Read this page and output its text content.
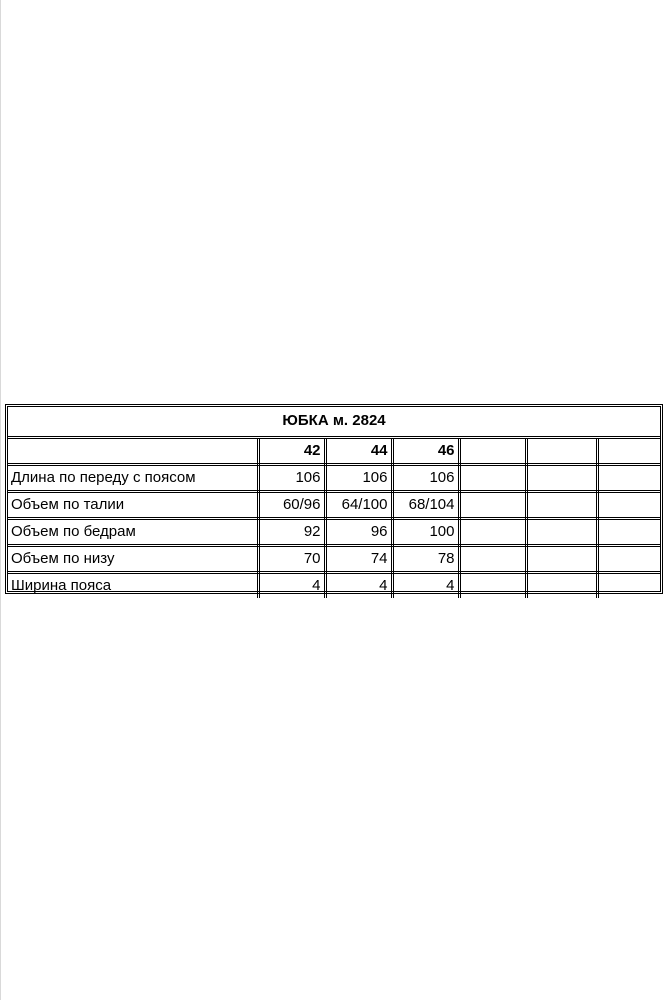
ЮБКА м. 2824						
	42	44	46			
Длина по переду с поясом	106	106	106			
Объем по талии	60/96	64/100	68/104			
Объем по бедрам	92	96	100			
Объем по низу	70	74	78			
Ширина пояса	4	4	4			
